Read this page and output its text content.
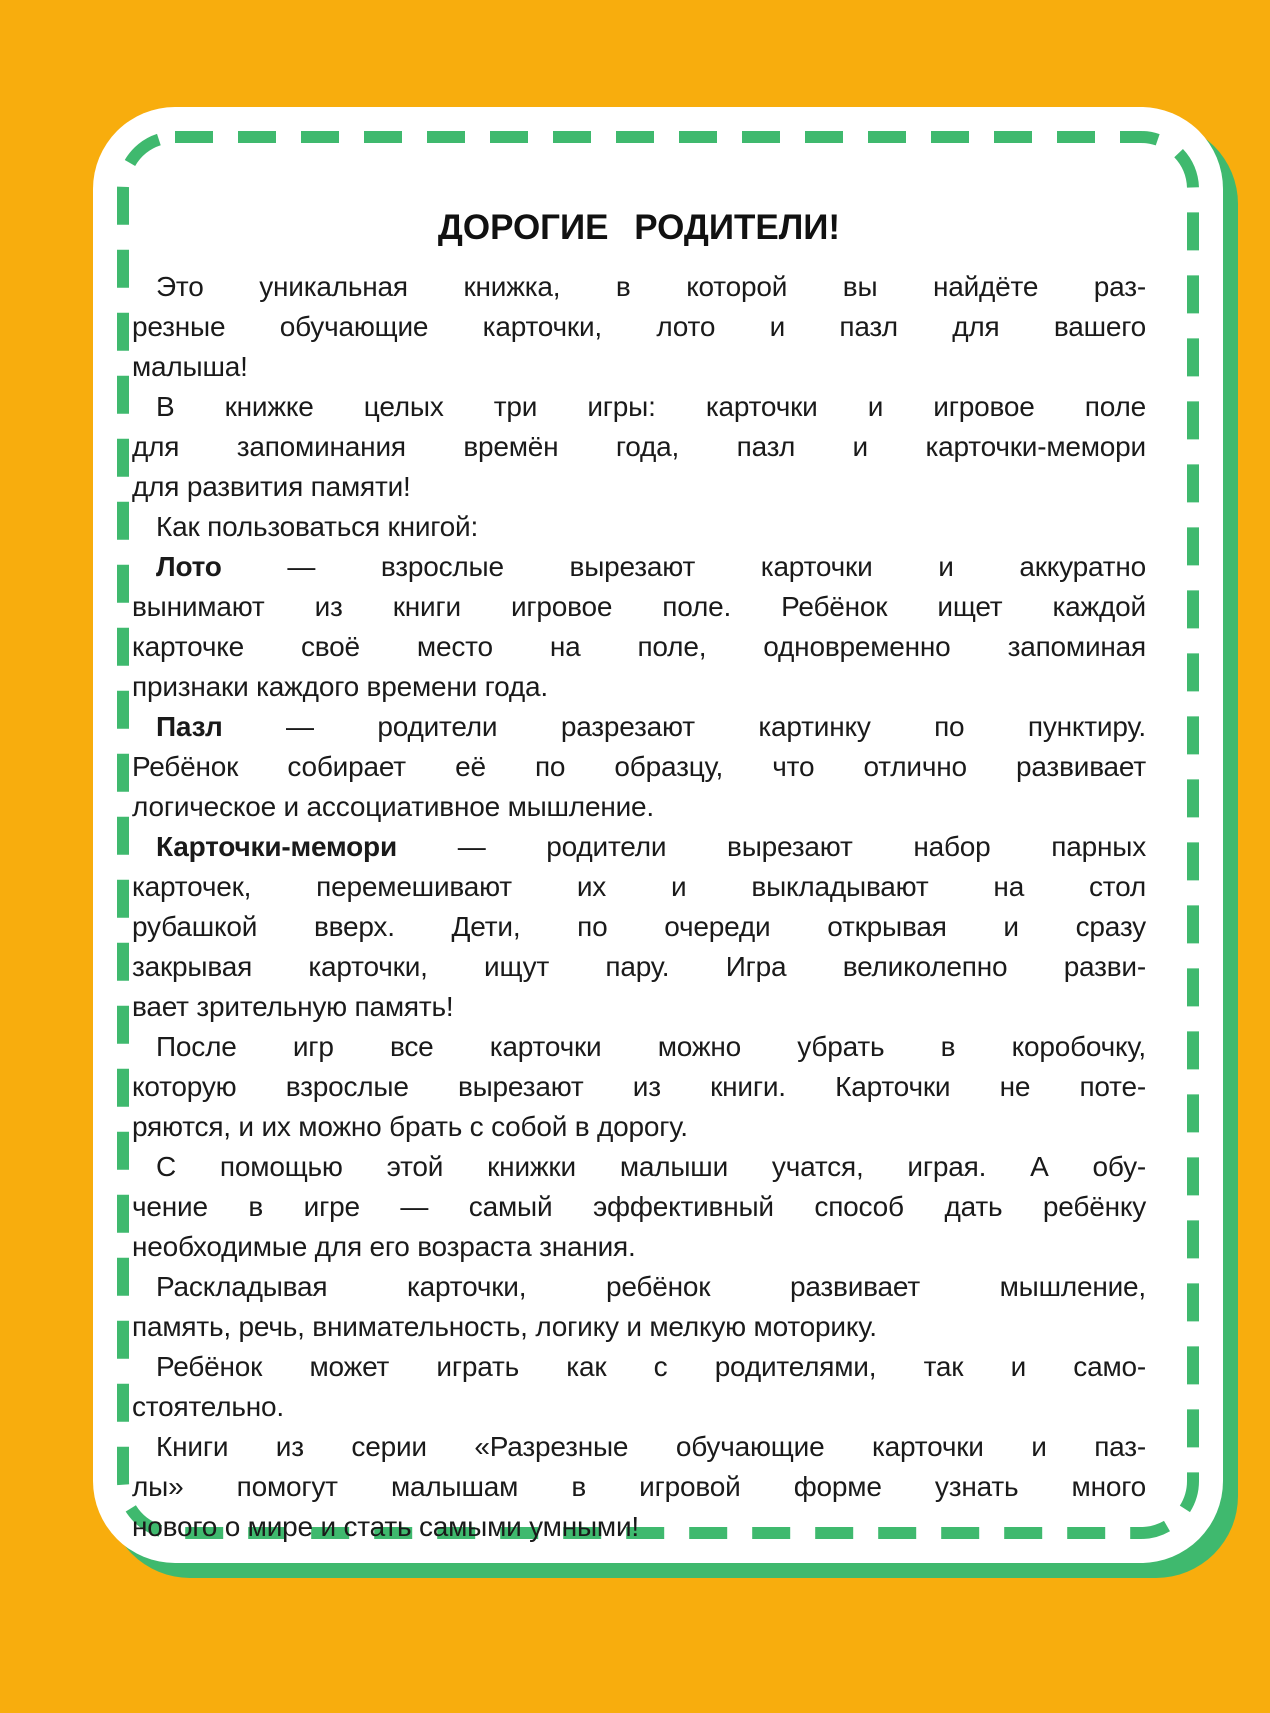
ДОРОГИЕ РОДИТЕЛИ!

Это уникальная книжка, в которой вы найдёте раз-
резные обучающие карточки, лото и пазл для вашего
малыша!

В книжке целых три игры: карточки и игровое поле
для запоминания времён года, пазл и карточки-мемори
для развития памяти!

Как пользоваться книгой:

Лото — взрослые вырезают карточки и аккуратно
вынимают из книги игровое поле. Ребёнок ищет каждой
карточке своё место на поле, одновременно запоминая
признаки каждого времени года.

Пазл — родители разрезают картинку по пунктиру.
Ребёнок собирает её по образцу, что отлично развивает
логическое и ассоциативное мышление.

Карточки-мемори — родители вырезают набор парных
карточек, перемешивают их и выкладывают на стол
рубашкой вверх. Дети, по очереди открывая и сразу
закрывая карточки, ищут пару. Игра великолепно разви-
вает зрительную память!

После игр все карточки можно убрать в коробочку,
которую взрослые вырезают из книги. Карточки не поте-
ряются, и их можно брать с собой в дорогу.

С помощью этой книжки малыши учатся, играя. А обу-
чение в игре — самый эффективный способ дать ребёнку
необходимые для его возраста знания.

Раскладывая карточки, ребёнок развивает мышление,
память, речь, внимательность, логику и мелкую моторику.

Ребёнок может играть как с родителями, так и само-
стоятельно.

Книги из серии «Разрезные обучающие карточки и паз-
лы» помогут малышам в игровой форме узнать много
нового о мире и стать самыми умными!
